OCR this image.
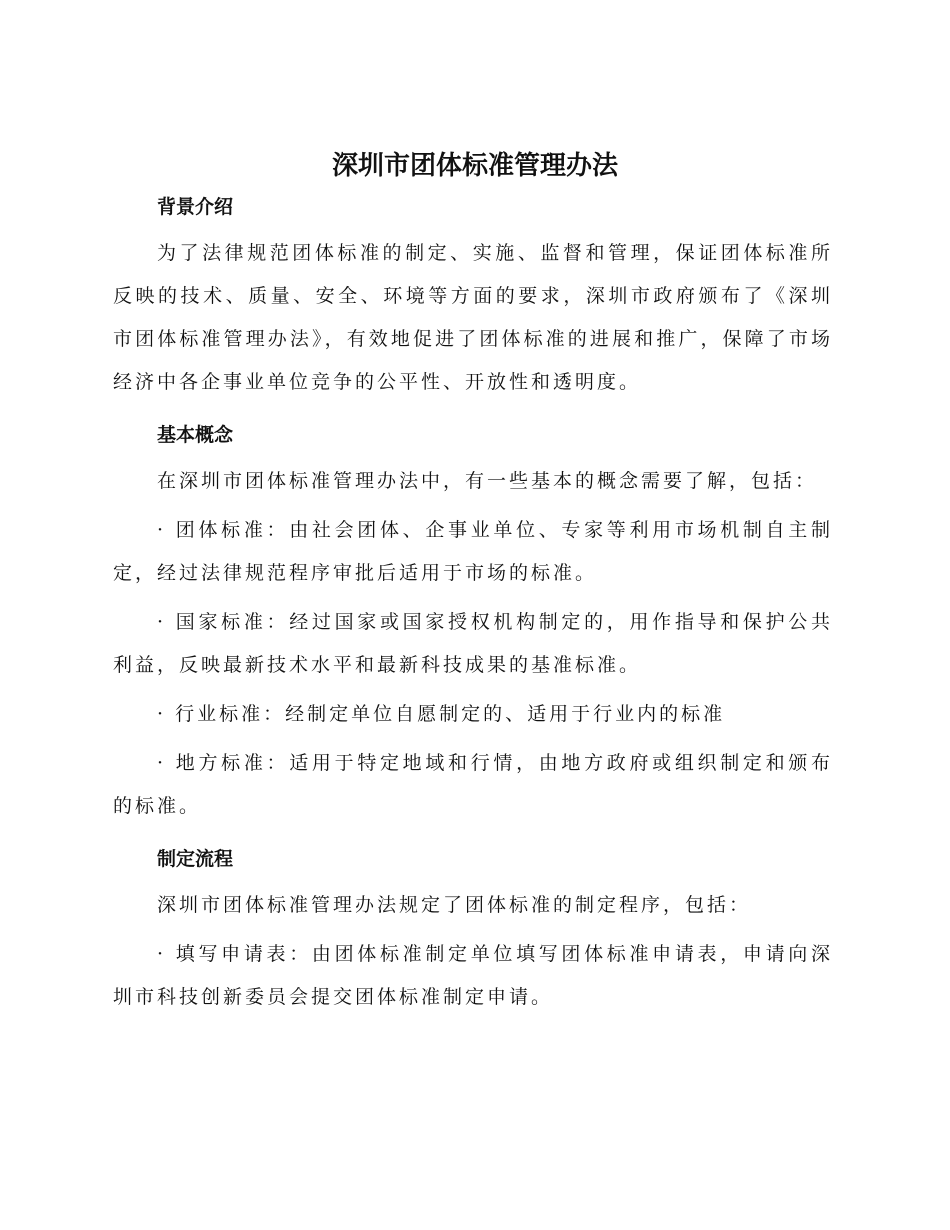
深圳市团体标准管理办法
背景介绍

为了法律规范团体标准的制定、实施、监督和管理，保证团体标准所反映的技术、质量、安全、环境等方面的要求，深圳市政府颁布了《深圳市团体标准管理办法》，有效地促进了团体标准的进展和推广，保障了市场经济中各企事业单位竞争的公平性、开放性和透明度。

基本概念

在深圳市团体标准管理办法中，有一些基本的概念需要了解，包括：

· 团体标准：由社会团体、企事业单位、专家等利用市场机制自主制定，经过法律规范程序审批后适用于市场的标准。

· 国家标准：经过国家或国家授权机构制定的，用作指导和保护公共利益，反映最新技术水平和最新科技成果的基准标准。

· 行业标准：经制定单位自愿制定的、适用于行业内的标准

· 地方标准：适用于特定地域和行情，由地方政府或组织制定和颁布的标准。

制定流程

深圳市团体标准管理办法规定了团体标准的制定程序，包括：

· 填写申请表：由团体标准制定单位填写团体标准申请表，申请向深圳市科技创新委员会提交团体标准制定申请。
